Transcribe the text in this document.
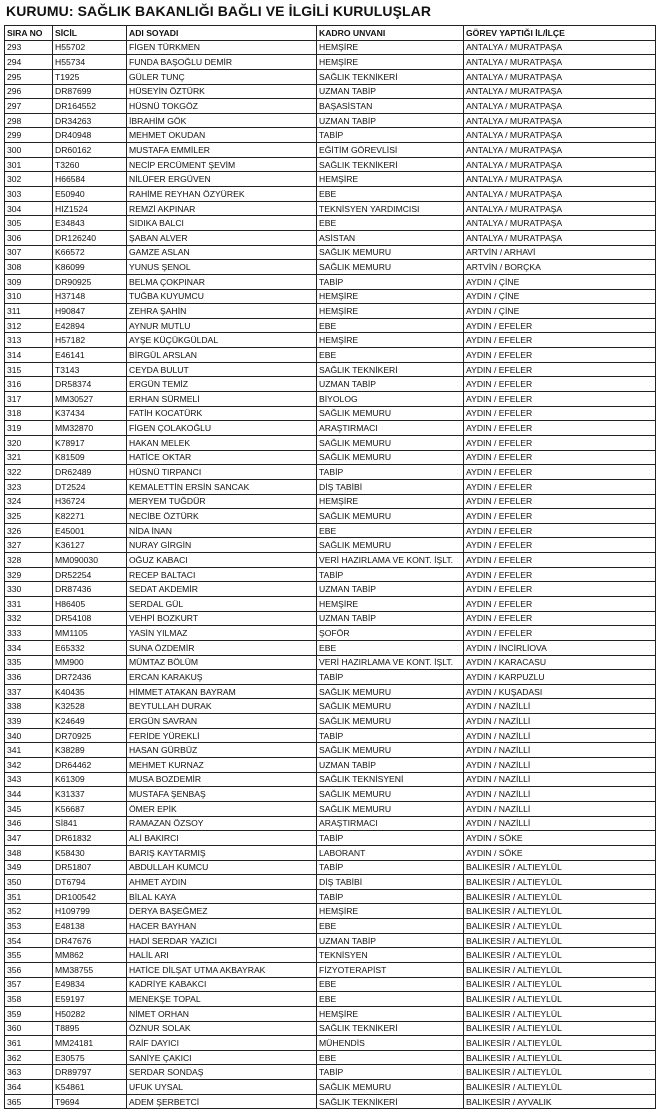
KURUMU: SAĞLIK BAKANLIĞI BAĞLI VE İLGİLİ KURULUŞLAR
SIRA NO	SİCİL	ADI SOYADI	KADRO UNVANI	GÖREV YAPTIĞI İL/İLÇE
293	H55702	FİGEN TÜRKMEN	HEMŞİRE	ANTALYA / MURATPAŞA
294	H55734	FUNDA BAŞOĞLU DEMİR	HEMŞİRE	ANTALYA / MURATPAŞA
295	T1925	GÜLER TUNÇ	SAĞLIK TEKNİKERİ	ANTALYA / MURATPAŞA
296	DR87699	HÜSEYİN ÖZTÜRK	UZMAN TABİP	ANTALYA / MURATPAŞA
297	DR164552	HÜSNÜ TOKGÖZ	BAŞASİSTAN	ANTALYA / MURATPAŞA
298	DR34263	İBRAHİM GÖK	UZMAN TABİP	ANTALYA / MURATPAŞA
299	DR40948	MEHMET OKUDAN	TABİP	ANTALYA / MURATPAŞA
300	DR60162	MUSTAFA EMMİLER	EĞİTİM GÖREVLİSİ	ANTALYA / MURATPAŞA
301	T3260	NECİP ERCÜMENT ŞEVİM	SAĞLIK TEKNİKERİ	ANTALYA / MURATPAŞA
302	H66584	NİLÜFER ERGÜVEN	HEMŞİRE	ANTALYA / MURATPAŞA
303	E50940	RAHİME REYHAN ÖZYÜREK	EBE	ANTALYA / MURATPAŞA
304	HIZ1524	REMZİ AKPINAR	TEKNİSYEN YARDIMCISI	ANTALYA / MURATPAŞA
305	E34843	SIDIKA BALCI	EBE	ANTALYA / MURATPAŞA
306	DR126240	ŞABAN ALVER	ASİSTAN	ANTALYA / MURATPAŞA
307	K66572	GAMZE ASLAN	SAĞLIK MEMURU	ARTVİN / ARHAVİ
308	K86099	YUNUS ŞENOL	SAĞLIK MEMURU	ARTVİN / BORÇKA
309	DR90925	BELMA ÇOKPINAR	TABİP	AYDIN / ÇİNE
310	H37148	TUĞBA KUYUMCU	HEMŞİRE	AYDIN / ÇİNE
311	H90847	ZEHRA ŞAHİN	HEMŞİRE	AYDIN / ÇİNE
312	E42894	AYNUR MUTLU	EBE	AYDIN / EFELER
313	H57182	AYŞE KÜÇÜKGÜLDAL	HEMŞİRE	AYDIN / EFELER
314	E46141	BİRGÜL ARSLAN	EBE	AYDIN / EFELER
315	T3143	CEYDA BULUT	SAĞLIK TEKNİKERİ	AYDIN / EFELER
316	DR58374	ERGÜN TEMİZ	UZMAN TABİP	AYDIN / EFELER
317	MM30527	ERHAN SÜRMELİ	BİYOLOG	AYDIN / EFELER
318	K37434	FATİH KOCATÜRK	SAĞLIK MEMURU	AYDIN / EFELER
319	MM32870	FİGEN ÇOLAKOĞLU	ARAŞTIRMACI	AYDIN / EFELER
320	K78917	HAKAN MELEK	SAĞLIK MEMURU	AYDIN / EFELER
321	K81509	HATİCE OKTAR	SAĞLIK MEMURU	AYDIN / EFELER
322	DR62489	HÜSNÜ TIRPANCI	TABİP	AYDIN / EFELER
323	DT2524	KEMALETTİN ERSİN SANCAK	DİŞ TABİBİ	AYDIN / EFELER
324	H36724	MERYEM TUĞDÜR	HEMŞİRE	AYDIN / EFELER
325	K82271	NECİBE ÖZTÜRK	SAĞLIK MEMURU	AYDIN / EFELER
326	E45001	NİDA İNAN	EBE	AYDIN / EFELER
327	K36127	NURAY GİRGİN	SAĞLIK MEMURU	AYDIN / EFELER
328	MM090030	OĞUZ KABACI	VERİ HAZIRLAMA VE KONT. İŞLT.	AYDIN / EFELER
329	DR52254	RECEP BALTACI	TABİP	AYDIN / EFELER
330	DR87436	SEDAT AKDEMİR	UZMAN TABİP	AYDIN / EFELER
331	H86405	SERDAL GÜL	HEMŞİRE	AYDIN / EFELER
332	DR54108	VEHPİ BOZKURT	UZMAN TABİP	AYDIN / EFELER
333	MM1105	YASİN YILMAZ	ŞOFÖR	AYDIN / EFELER
334	E65332	SUNA ÖZDEMİR	EBE	AYDIN / İNCİRLİOVA
335	MM900	MÜMTAZ BÖLÜM	VERİ HAZIRLAMA VE KONT. İŞLT.	AYDIN / KARACASU
336	DR72436	ERCAN KARAKUŞ	TABİP	AYDIN / KARPUZLU
337	K40435	HİMMET ATAKAN BAYRAM	SAĞLIK MEMURU	AYDIN / KUŞADASI
338	K32528	BEYTULLAH DURAK	SAĞLIK MEMURU	AYDIN / NAZİLLİ
339	K24649	ERGÜN SAVRAN	SAĞLIK MEMURU	AYDIN / NAZİLLİ
340	DR70925	FERİDE YÜREKLİ	TABİP	AYDIN / NAZİLLİ
341	K38289	HASAN GÜRBÜZ	SAĞLIK MEMURU	AYDIN / NAZİLLİ
342	DR64462	MEHMET KURNAZ	UZMAN TABİP	AYDIN / NAZİLLİ
343	K61309	MUSA BOZDEMİR	SAĞLIK TEKNİSYENİ	AYDIN / NAZİLLİ
344	K31337	MUSTAFA ŞENBAŞ	SAĞLIK MEMURU	AYDIN / NAZİLLİ
345	K56687	ÖMER EPİK	SAĞLIK MEMURU	AYDIN / NAZİLLİ
346	Sİ841	RAMAZAN ÖZSOY	ARAŞTIRMACI	AYDIN / NAZİLLİ
347	DR61832	ALİ BAKIRCI	TABİP	AYDIN / SÖKE
348	K58430	BARIŞ KAYTARMIŞ	LABORANT	AYDIN / SÖKE
349	DR51807	ABDULLAH KUMCU	TABİP	BALIKESİR / ALTIEYLÜL
350	DT6794	AHMET AYDIN	DİŞ TABİBİ	BALIKESİR / ALTIEYLÜL
351	DR100542	BİLAL KAYA	TABİP	BALIKESİR / ALTIEYLÜL
352	H109799	DERYA BAŞEĞMEZ	HEMŞİRE	BALIKESİR / ALTIEYLÜL
353	E48138	HACER BAYHAN	EBE	BALIKESİR / ALTIEYLÜL
354	DR47676	HADİ SERDAR YAZICI	UZMAN TABİP	BALIKESİR / ALTIEYLÜL
355	MM862	HALİL ARI	TEKNİSYEN	BALIKESİR / ALTIEYLÜL
356	MM38755	HATİCE DİLŞAT UTMA AKBAYRAK	FİZYOTERAPİST	BALIKESİR / ALTIEYLÜL
357	E49834	KADRİYE KABAKCI	EBE	BALIKESİR / ALTIEYLÜL
358	E59197	MENEKŞE TOPAL	EBE	BALIKESİR / ALTIEYLÜL
359	H50282	NİMET ORHAN	HEMŞİRE	BALIKESİR / ALTIEYLÜL
360	T8895	ÖZNUR SOLAK	SAĞLIK TEKNİKERİ	BALIKESİR / ALTIEYLÜL
361	MM24181	RAİF DAYICI	MÜHENDİS	BALIKESİR / ALTIEYLÜL
362	E30575	SANİYE ÇAKICI	EBE	BALIKESİR / ALTIEYLÜL
363	DR89797	SERDAR SONDAŞ	TABİP	BALIKESİR / ALTIEYLÜL
364	K54861	UFUK UYSAL	SAĞLIK MEMURU	BALIKESİR / ALTIEYLÜL
365	T9694	ADEM ŞERBETCİ	SAĞLIK TEKNİKERİ	BALIKESİR / AYVALIK
